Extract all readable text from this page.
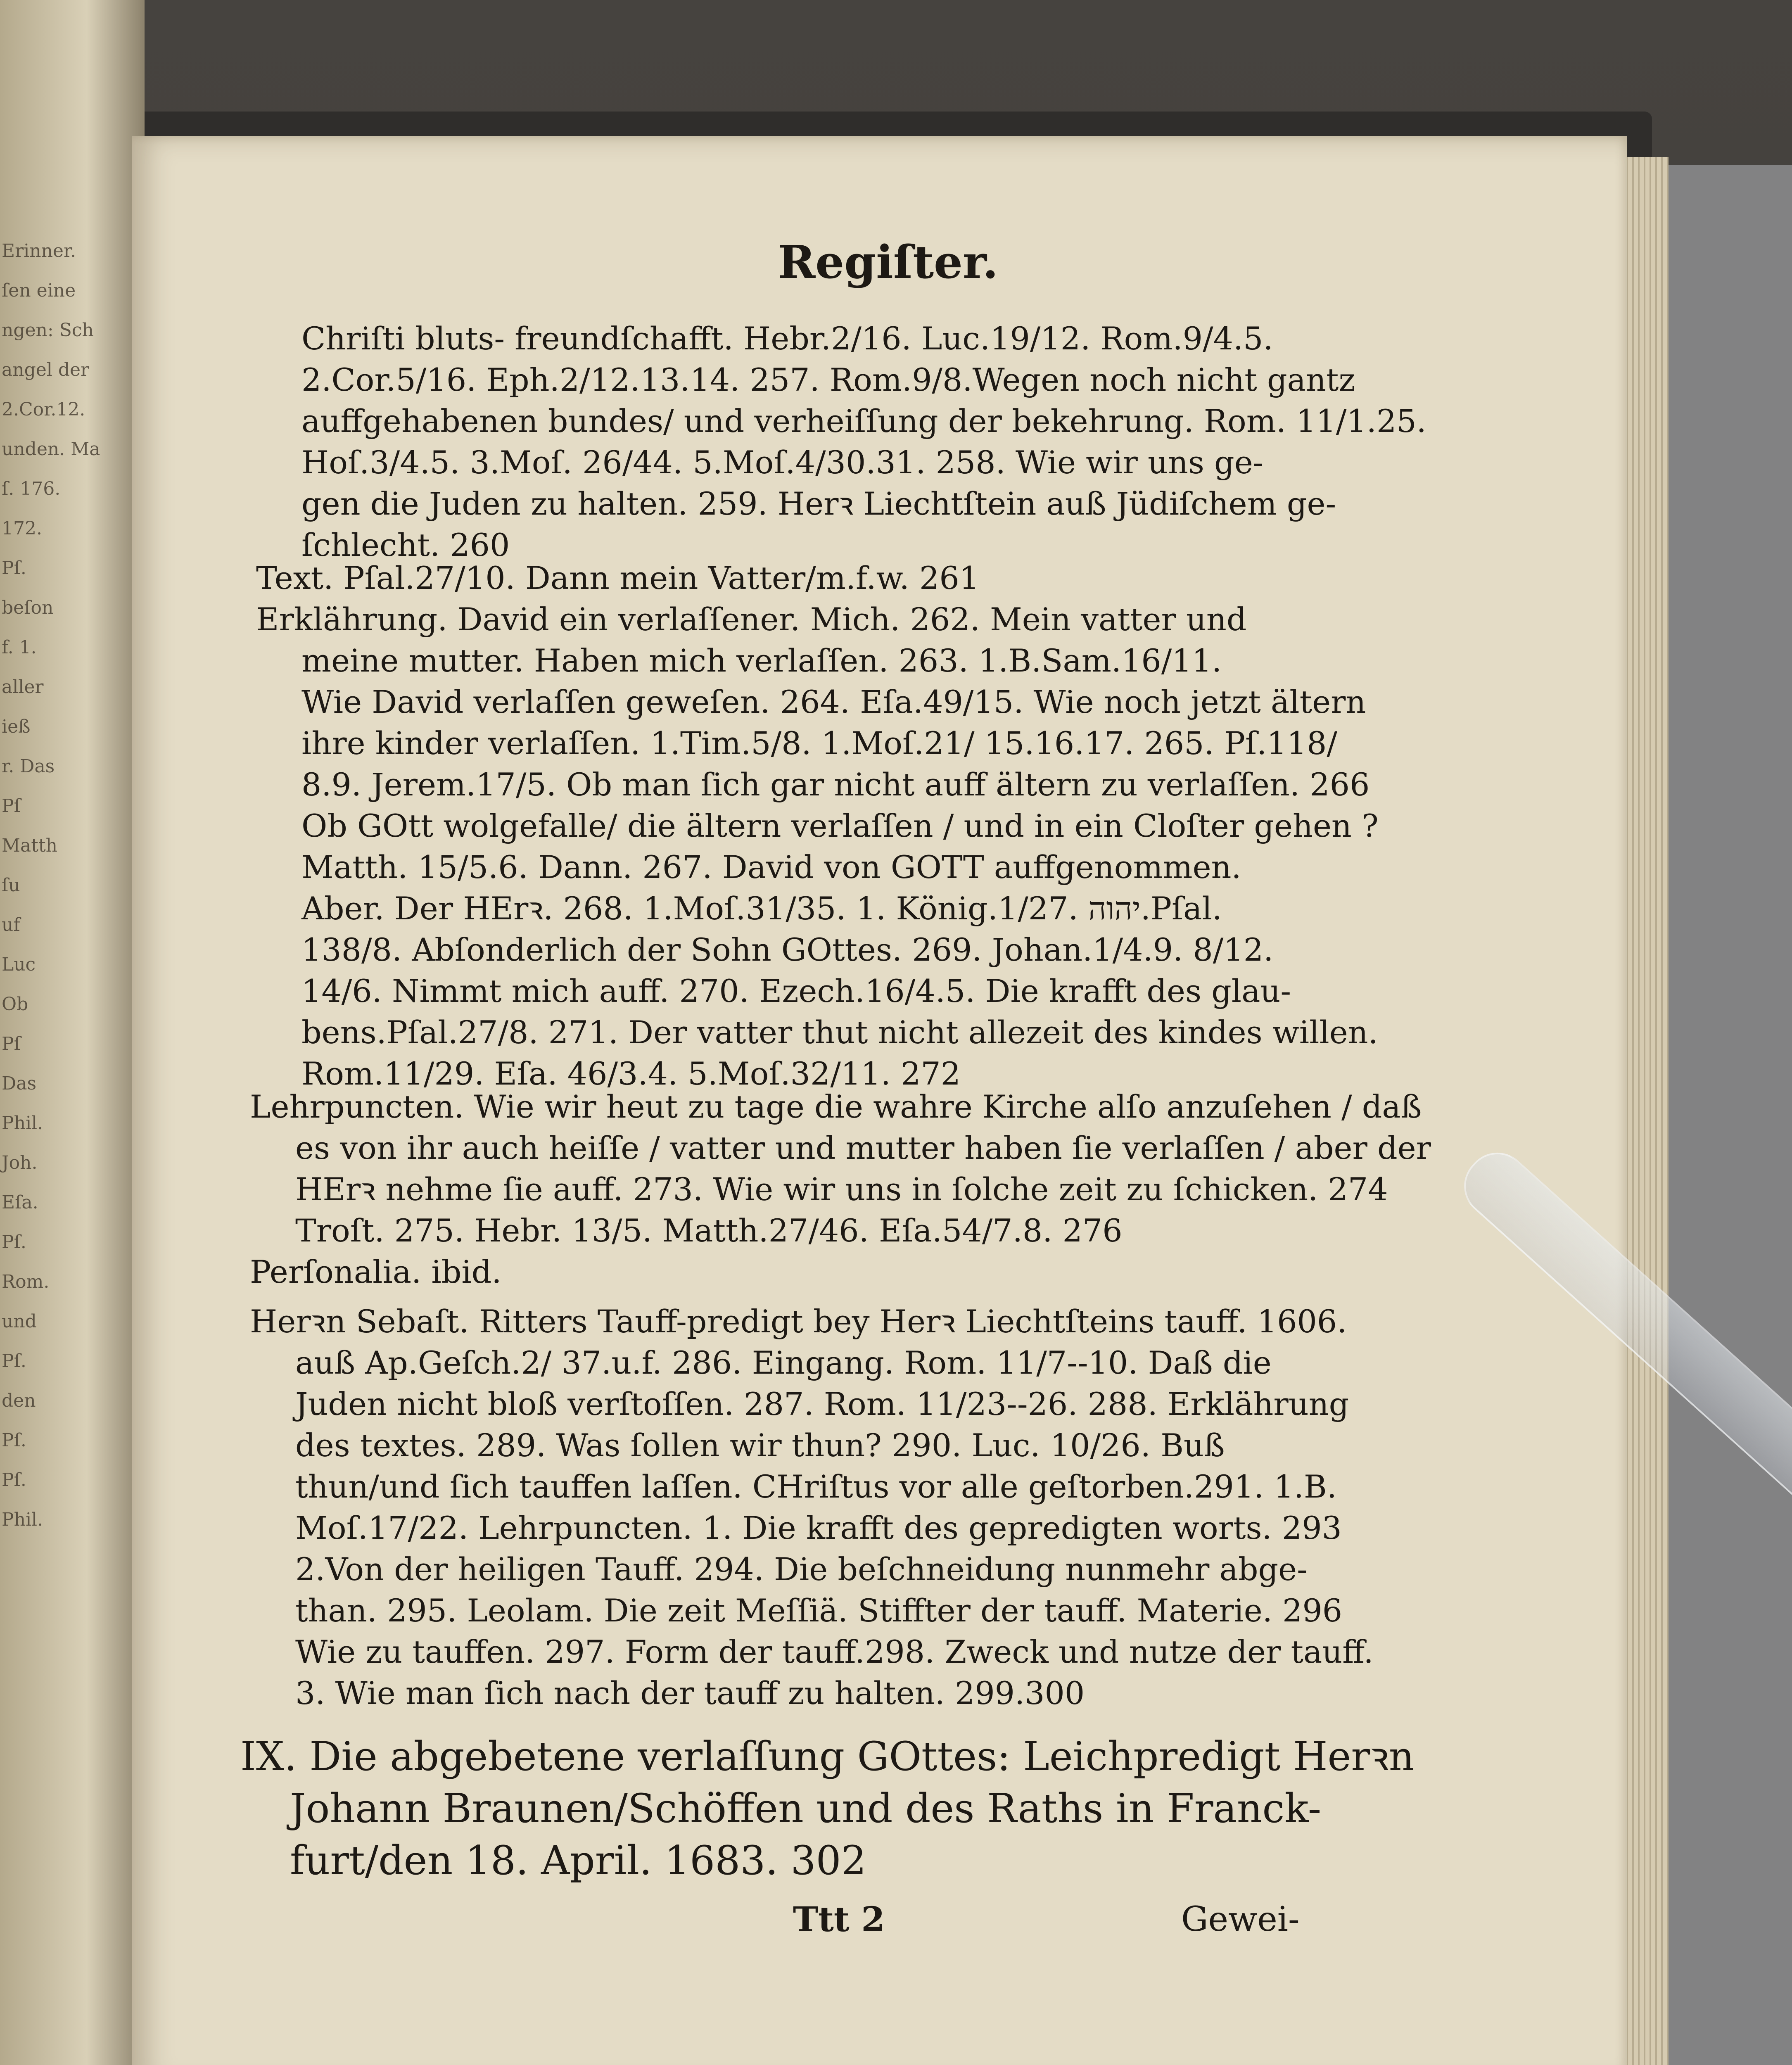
Erinner.
ſen eine
ngen: Sch
angel der
2.Cor.12.
unden. Ma
ſ. 176.
172.
Pſ.
beſon
f. 1.
aller
ieß
r. Das
Pſ
Matth
ſu
uf
Luc
Ob
Pſ
Das
Phil.
Joh.
Eſa.
Pſ.
Rom.
und
Pſ.
den
Pſ.
Pſ.
Phil.
Regiſter.
Chriſti bluts- freundſchafft. Hebr.2/16. Luc.19/12. Rom.9/4.5.
2.Cor.5/16. Eph.2/12.13.14. 257. Rom.9/8.Wegen noch nicht gantz
auffgehabenen bundes/ und verheiſſung der bekehrung. Rom. 11/1.25.
Hoſ.3/4.5. 3.Moſ. 26/44. 5.Moſ.4/30.31. 258. Wie wir uns ge-
gen die Juden zu halten. 259. Herꝛ Liechtſtein auß Jüdiſchem ge-
ſchlecht. 260
Text. Pſal.27/10. Dann mein Vatter/m.f.w. 261
Erklährung. David ein verlaſſener. Mich. 262. Mein vatter und
meine mutter. Haben mich verlaſſen. 263. 1.B.Sam.16/11.
Wie David verlaſſen geweſen. 264. Eſa.49/15. Wie noch jetzt ältern
ihre kinder verlaſſen. 1.Tim.5/8. 1.Moſ.21/ 15.16.17. 265. Pſ.118/
8.9. Jerem.17/5. Ob man ſich gar nicht auff ältern zu verlaſſen. 266
Ob GOtt wolgefalle/ die ältern verlaſſen / und in ein Cloſter gehen ?
Matth. 15/5.6. Dann. 267. David von GOTT auffgenommen.
Aber. Der HErꝛ. 268. 1.Moſ.31/35. 1. König.1/27. יהוה.Pſal.
138/8. Abſonderlich der Sohn GOttes. 269. Johan.1/4.9. 8/12.
14/6. Nimmt mich auff. 270. Ezech.16/4.5. Die krafft des glau-
bens.Pſal.27/8. 271. Der vatter thut nicht allezeit des kindes willen.
Rom.11/29. Eſa. 46/3.4. 5.Moſ.32/11. 272
Lehrpuncten. Wie wir heut zu tage die wahre Kirche alſo anzuſehen / daß
es von ihr auch heiſſe / vatter und mutter haben ſie verlaſſen / aber der
HErꝛ nehme ſie auff. 273. Wie wir uns in ſolche zeit zu ſchicken. 274
Troſt. 275. Hebr. 13/5. Matth.27/46. Eſa.54/7.8. 276
Perſonalia. ibid.
Herꝛn Sebaſt. Ritters Tauff-predigt bey Herꝛ Liechtſteins tauff. 1606.
auß Ap.Geſch.2/ 37.u.f. 286. Eingang. Rom. 11/7--10. Daß die
Juden nicht bloß verſtoſſen. 287. Rom. 11/23--26. 288. Erklährung
des textes. 289. Was ſollen wir thun? 290. Luc. 10/26. Buß
thun/und ſich tauffen laſſen. CHriſtus vor alle geſtorben.291. 1.B.
Moſ.17/22. Lehrpuncten. 1. Die krafft des gepredigten worts. 293
2.Von der heiligen Tauff. 294. Die beſchneidung nunmehr abge-
than. 295. Leolam. Die zeit Meſſiä. Stiffter der tauff. Materie. 296
Wie zu tauffen. 297. Form der tauff.298. Zweck und nutze der tauff.
3. Wie man ſich nach der tauff zu halten. 299.300
IX. Die abgebetene verlaſſung GOttes: Leichpredigt Herꝛn
Johann Braunen/Schöffen und des Raths in Franck-
furt/den 18. April. 1683. 302
Ttt 2	Gewei-
